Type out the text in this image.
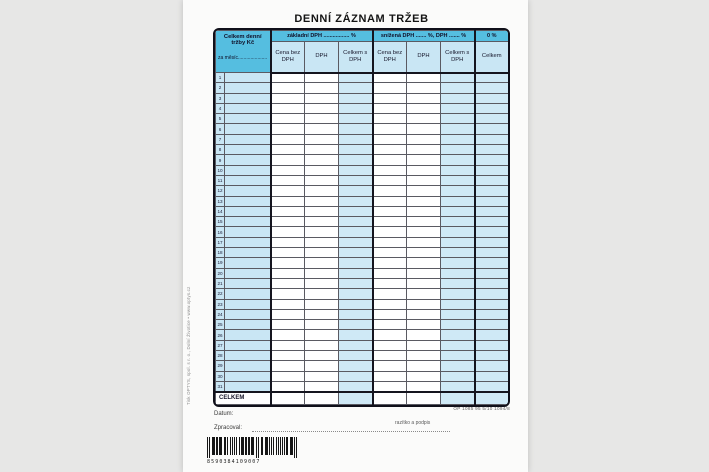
DENNÍ ZÁZNAM TRŽEB
Celkem denní tržby Kč
za měsíc.....................		základní DPH ................. %			snížená DPH ....... %, DPH ....... %			0 %
		Cena bez DPH	DPH	Celkem s DPH	Cena bez DPH	DPH	Celkem s DPH	Celkem
1								
2								
3								
4								
5								
6								
7								
8								
9								
10								
11								
12								
13								
14								
15								
16								
17								
18								
19								
20								
21								
22								
23								
24								
25								
26								
27								
28								
29								
30								
31								
CELKEM								
OP 1085 95 5/10 1094/8
Datum:
Zpracoval:
razítko a podpis
8590384109007
Tisk OPTYS, spol. s r. o., Dolní Životice • www.optys.cz
